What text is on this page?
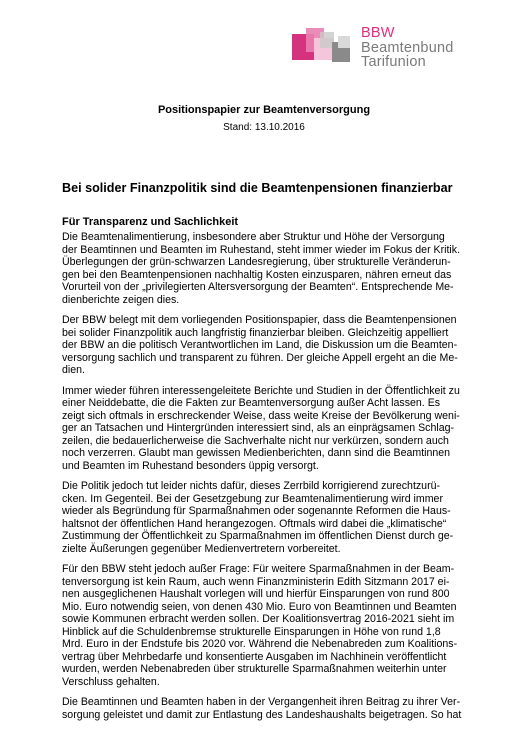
BBW
Beamtenbund
Tarifunion
Positionspapier zur Beamtenversorgung
Stand: 13.10.2016
Bei solider Finanzpolitik sind die Beamtenpensionen finanzierbar
Für Transparenz und Sachlichkeit

Die Beamtenalimentierung, insbesondere aber Struktur und Höhe der Versorgung
der Beamtinnen und Beamten im Ruhestand, steht immer wieder im Fokus der Kritik.
Überlegungen der grün-schwarzen Landesregierung, über strukturelle Veränderun-
gen bei den Beamtenpensionen nachhaltig Kosten einzusparen, nähren erneut das
Vorurteil von der „privilegierten Altersversorgung der Beamten“. Entsprechende Me-
dienberichte zeigen dies.

Der BBW belegt mit dem vorliegenden Positionspapier, dass die Beamtenpensionen
bei solider Finanzpolitik auch langfristig finanzierbar bleiben. Gleichzeitig appelliert
der BBW an die politisch Verantwortlichen im Land, die Diskussion um die Beamten-
versorgung sachlich und transparent zu führen. Der gleiche Appell ergeht an die Me-
dien.

Immer wieder führen interessengeleitete Berichte und Studien in der Öffentlichkeit zu
einer Neiddebatte, die die Fakten zur Beamtenversorgung außer Acht lassen. Es
zeigt sich oftmals in erschreckender Weise, dass weite Kreise der Bevölkerung weni-
ger an Tatsachen und Hintergründen interessiert sind, als an einprägsamen Schlag-
zeilen, die bedauerlicherweise die Sachverhalte nicht nur verkürzen, sondern auch
noch verzerren. Glaubt man gewissen Medienberichten, dann sind die Beamtinnen
und Beamten im Ruhestand besonders üppig versorgt.

Die Politik jedoch tut leider nichts dafür, dieses Zerrbild korrigierend zurechtzurü-
cken. Im Gegenteil. Bei der Gesetzgebung zur Beamtenalimentierung wird immer
wieder als Begründung für Sparmaßnahmen oder sogenannte Reformen die Haus-
haltsnot der öffentlichen Hand herangezogen. Oftmals wird dabei die „klimatische“
Zustimmung der Öffentlichkeit zu Sparmaßnahmen im öffentlichen Dienst durch ge-
zielte Äußerungen gegenüber Medienvertretern vorbereitet.

Für den BBW steht jedoch außer Frage: Für weitere Sparmaßnahmen in der Beam-
tenversorgung ist kein Raum, auch wenn Finanzministerin Edith Sitzmann 2017 ei-
nen ausgeglichenen Haushalt vorlegen will und hierfür Einsparungen von rund 800
Mio. Euro notwendig seien, von denen 430 Mio. Euro von Beamtinnen und Beamten
sowie Kommunen erbracht werden sollen. Der Koalitionsvertrag 2016-2021 sieht im
Hinblick auf die Schuldenbremse strukturelle Einsparungen in Höhe von rund 1,8
Mrd. Euro in der Endstufe bis 2020 vor. Während die Nebenabreden zum Koalitions-
vertrag über Mehrbedarfe und konsentierte Ausgaben im Nachhinein veröffentlicht
wurden, werden Nebenabreden über strukturelle Sparmaßnahmen weiterhin unter
Verschluss gehalten.

Die Beamtinnen und Beamten haben in der Vergangenheit ihren Beitrag zu ihrer Ver-
sorgung geleistet und damit zur Entlastung des Landeshaushalts beigetragen. So hat
